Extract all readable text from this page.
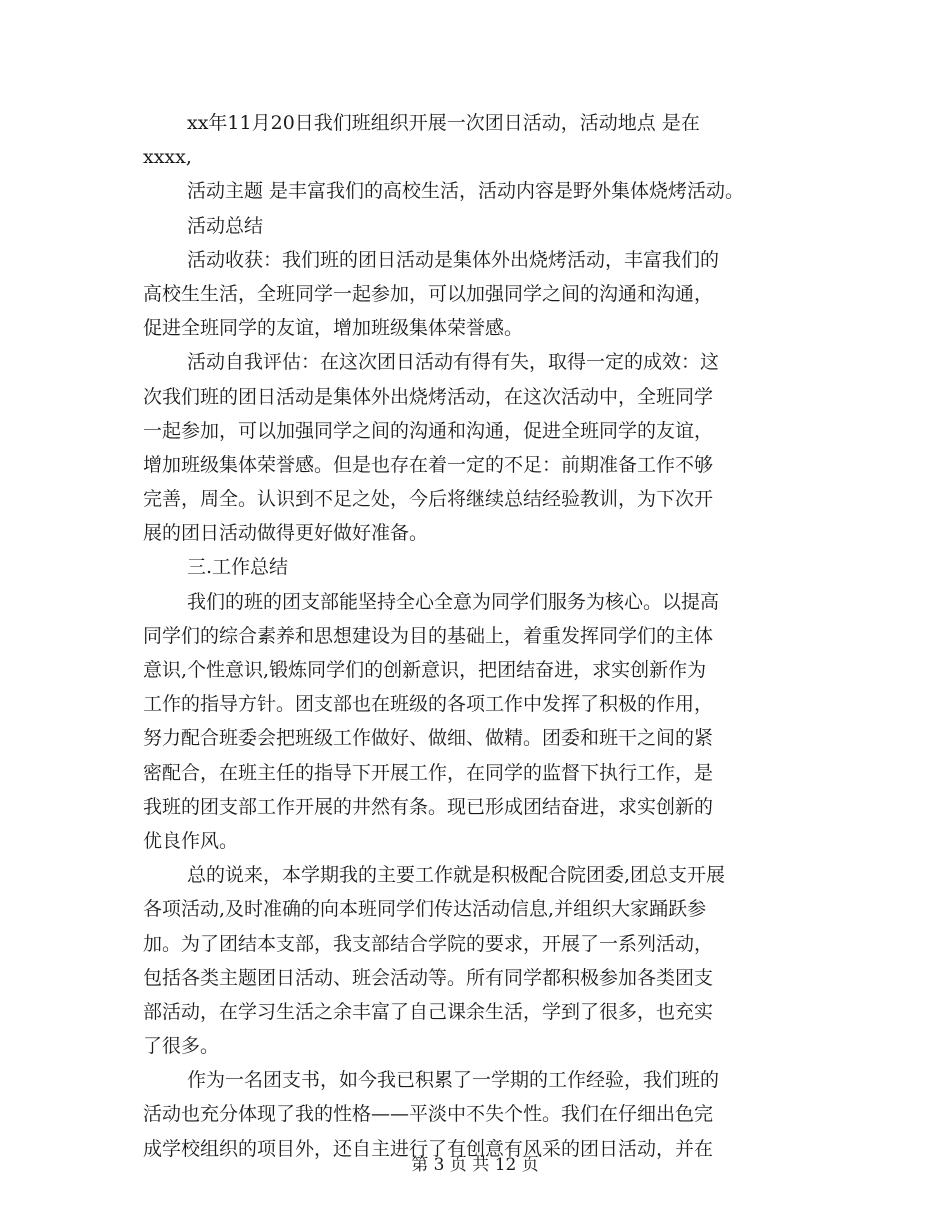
xx年11月20日我们班组织开展一次团日活动，活动地点 是在
xxxx,
活动主题 是丰富我们的高校生活，活动内容是野外集体烧烤活动。
活动总结
活动收获：我们班的团日活动是集体外出烧烤活动，丰富我们的
高校生生活，全班同学一起参加，可以加强同学之间的沟通和沟通，
促进全班同学的友谊，增加班级集体荣誉感。
活动自我评估：在这次团日活动有得有失，取得一定的成效：这
次我们班的团日活动是集体外出烧烤活动，在这次活动中，全班同学
一起参加，可以加强同学之间的沟通和沟通，促进全班同学的友谊，
增加班级集体荣誉感。但是也存在着一定的不足：前期准备工作不够
完善，周全。认识到不足之处，今后将继续总结经验教训，为下次开
展的团日活动做得更好做好准备。
三.工作总结
我们的班的团支部能坚持全心全意为同学们服务为核心。以提高
同学们的综合素养和思想建设为目的基础上，着重发挥同学们的主体
意识,个性意识,锻炼同学们的创新意识，把团结奋进，求实创新作为
工作的指导方针。团支部也在班级的各项工作中发挥了积极的作用，
努力配合班委会把班级工作做好、做细、做精。团委和班干之间的紧
密配合，在班主任的指导下开展工作，在同学的监督下执行工作，是
我班的团支部工作开展的井然有条。现已形成团结奋进，求实创新的
优良作风。
总的说来，本学期我的主要工作就是积极配合院团委,团总支开展
各项活动,及时准确的向本班同学们传达活动信息,并组织大家踊跃参
加。为了团结本支部，我支部结合学院的要求，开展了一系列活动，
包括各类主题团日活动、班会活动等。所有同学都积极参加各类团支
部活动，在学习生活之余丰富了自己课余生活，学到了很多，也充实
了很多。
作为一名团支书，如今我已积累了一学期的工作经验，我们班的
活动也充分体现了我的性格——平淡中不失个性。我们在仔细出色完
成学校组织的项目外，还自主进行了有创意有风采的团日活动，并在
第 3 页 共 12 页
